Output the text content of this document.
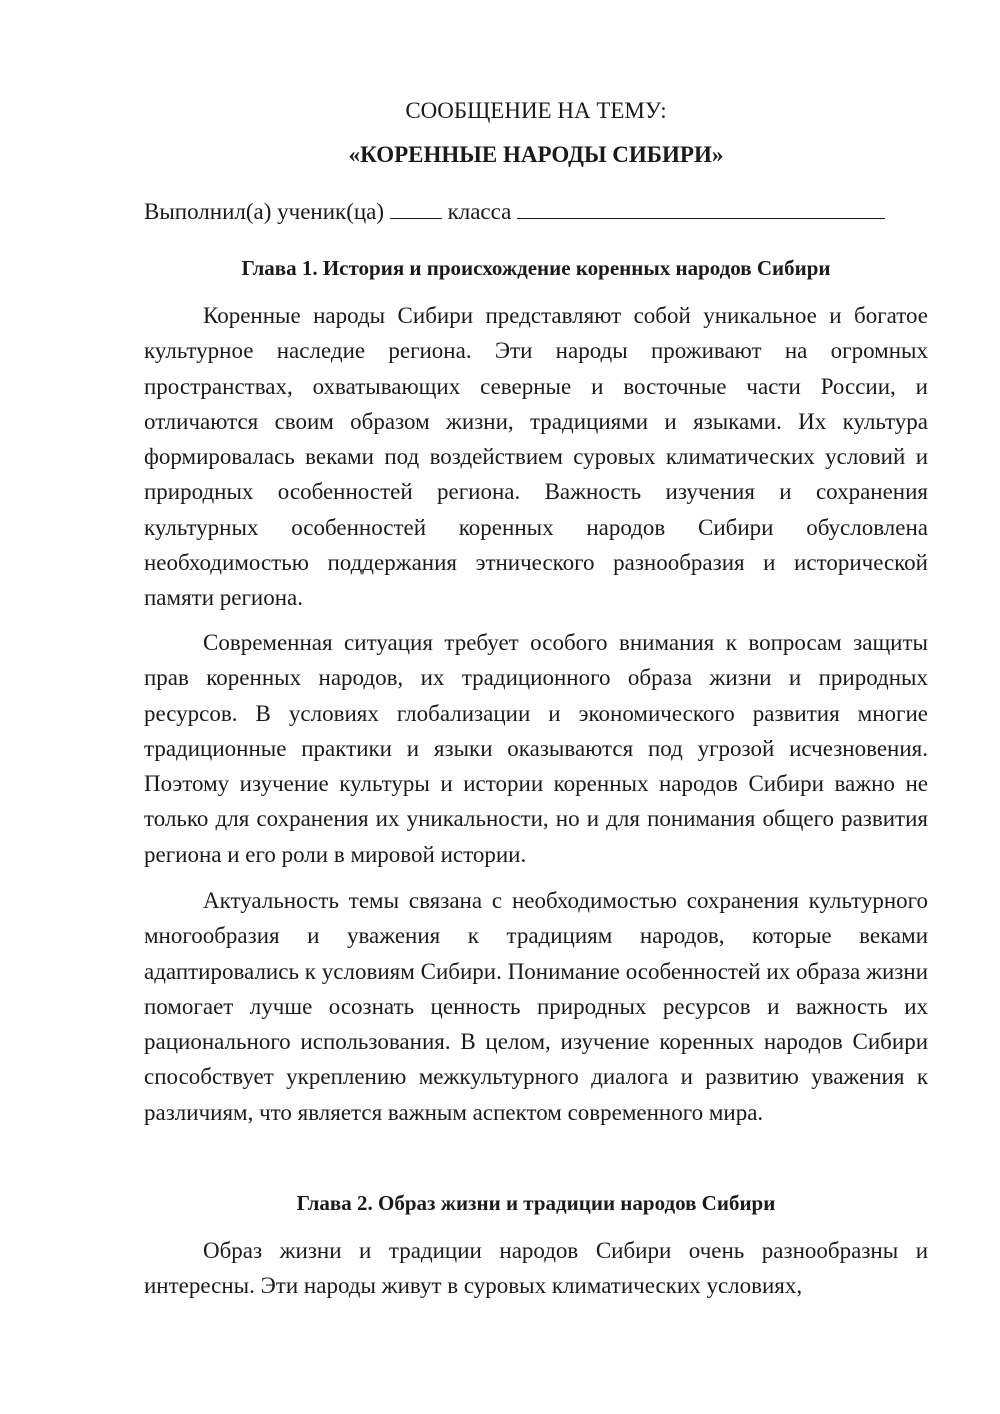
СООБЩЕНИЕ НА ТЕМУ:

«КОРЕННЫЕ НАРОДЫ СИБИРИ»

Выполнил(а) ученик(ца)	класса
Глава 1. История и происхождение коренных народов Сибири

Коренные народы Сибири представляют собой уникальное и богатое культурное наследие региона. Эти народы проживают на огромных пространствах, охватывающих северные и восточные части России, и отличаются своим образом жизни, традициями и языками. Их культура формировалась веками под воздействием суровых климатических условий и природных особенностей региона. Важность изучения и сохранения культурных особенностей коренных народов Сибири обусловлена необходимостью поддержания этнического разнообразия и исторической памяти региона.

Современная ситуация требует особого внимания к вопросам защиты прав коренных народов, их традиционного образа жизни и природных ресурсов. В условиях глобализации и экономического развития многие традиционные практики и языки оказываются под угрозой исчезновения. Поэтому изучение культуры и истории коренных народов Сибири важно не только для сохранения их уникальности, но и для понимания общего развития региона и его роли в мировой истории.

Актуальность темы связана с необходимостью сохранения культурного многообразия и уважения к традициям народов, которые веками адаптировались к условиям Сибири. Понимание особенностей их образа жизни помогает лучше осознать ценность природных ресурсов и важность их рационального использования. В целом, изучение коренных народов Сибири способствует укреплению межкультурного диалога и развитию уважения к различиям, что является важным аспектом современного мира.

Глава 2. Образ жизни и традиции народов Сибири

Образ жизни и традиции народов Сибири очень разнообразны и интересны. Эти народы живут в суровых климатических условиях,
